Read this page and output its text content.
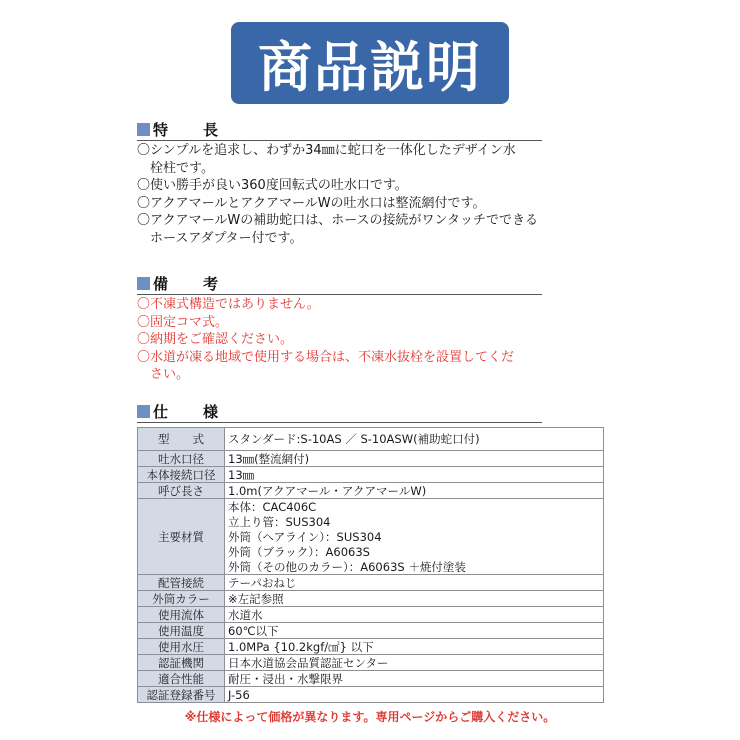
商品説明
特　長
〇シンプルを追求し、わずか34㎜に蛇口を一体化したデザイン水
栓柱です。
〇使い勝手が良い360度回転式の吐水口です。
〇アクアマールとアクアマールWの吐水口は整流網付です。
〇アクアマールWの補助蛇口は、ホースの接続がワンタッチでできる
ホースアダプター付です。
備　考
〇不凍式構造ではありません。
〇固定コマ式。
〇納期をご確認ください。
〇水道が凍る地域で使用する場合は、不凍水抜栓を設置してくだ
さい。
仕　様
型　　式	スタンダード:S-10AS ／ S-10ASW(補助蛇口付)
吐水口径	13㎜(整流網付)
本体接続口径	13㎜
呼び長さ	1.0m(アクアマール・アクアマールW)
主要材質	本体：CAC406C
	立上り管：SUS304
	外筒（ヘアライン）：SUS304
	外筒（ブラック）：A6063S
	外筒（その他のカラー）：A6063S ＋焼付塗装
配管接続	テーパおねじ
外筒カラー	※左記参照
使用流体	水道水
使用温度	60℃以下
使用水圧	1.0MPa {10.2kgf/㎠} 以下
認証機関	日本水道協会品質認証センター
適合性能	耐圧・浸出・水撃限界
認証登録番号	J-56
※仕様によって価格が異なります。専用ページからご購入ください。
